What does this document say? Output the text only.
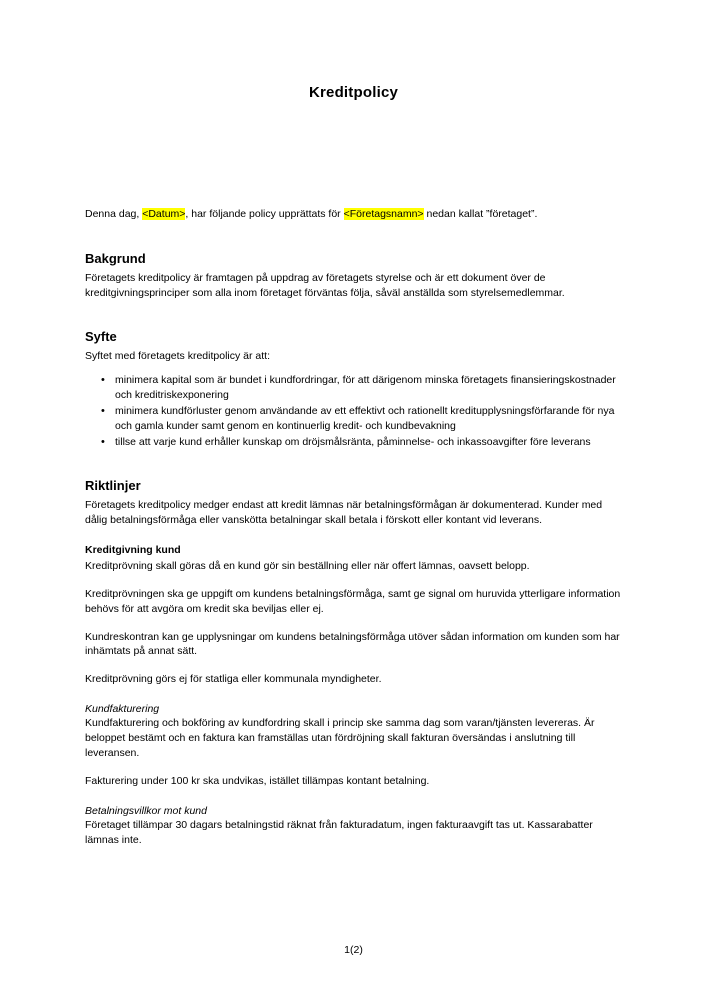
Kreditpolicy

Denna dag, <Datum>, har följande policy upprättats för <Företagsnamn> nedan kallat ”företaget”.

Bakgrund

Företagets kreditpolicy är framtagen på uppdrag av företagets styrelse och är ett dokument över de kreditgivningsprinciper som alla inom företaget förväntas följa, såväl anställda som styrelsemedlemmar.

Syfte

Syftet med företagets kreditpolicy är att:

• minimera kapital som är bundet i kundfordringar, för att därigenom minska företagets finansieringskostnader och kreditriskexponering
• minimera kundförluster genom användande av ett effektivt och rationellt kreditupplysningsförfarande för nya och gamla kunder samt genom en kontinuerlig kredit- och kundbevakning
• tillse att varje kund erhåller kunskap om dröjsmålsränta, påminnelse- och inkassoavgifter före leverans
Riktlinjer

Företagets kreditpolicy medger endast att kredit lämnas när betalningsförmågan är dokumenterad. Kunder med dålig betalningsförmåga eller vanskötta betalningar skall betala i förskott eller kontant vid leverans.

Kreditgivning kund

Kreditprövning skall göras då en kund gör sin beställning eller när offert lämnas, oavsett belopp.

Kreditprövningen ska ge uppgift om kundens betalningsförmåga, samt ge signal om huruvida ytterligare information behövs för att avgöra om kredit ska beviljas eller ej.

Kundreskontran kan ge upplysningar om kundens betalningsförmåga utöver sådan information om kunden som har inhämtats på annat sätt.

Kreditprövning görs ej för statliga eller kommunala myndigheter.

Kundfakturering

Kundfakturering och bokföring av kundfordring skall i princip ske samma dag som varan/tjänsten levereras. Är beloppet bestämt och en faktura kan framställas utan fördröjning skall fakturan översändas i anslutning till leveransen.

Fakturering under 100 kr ska undvikas, istället tillämpas kontant betalning.

Betalningsvillkor mot kund

Företaget tillämpar 30 dagars betalningstid räknat från fakturadatum, ingen fakturaavgift tas ut. Kassarabatter lämnas inte.

1(2)
